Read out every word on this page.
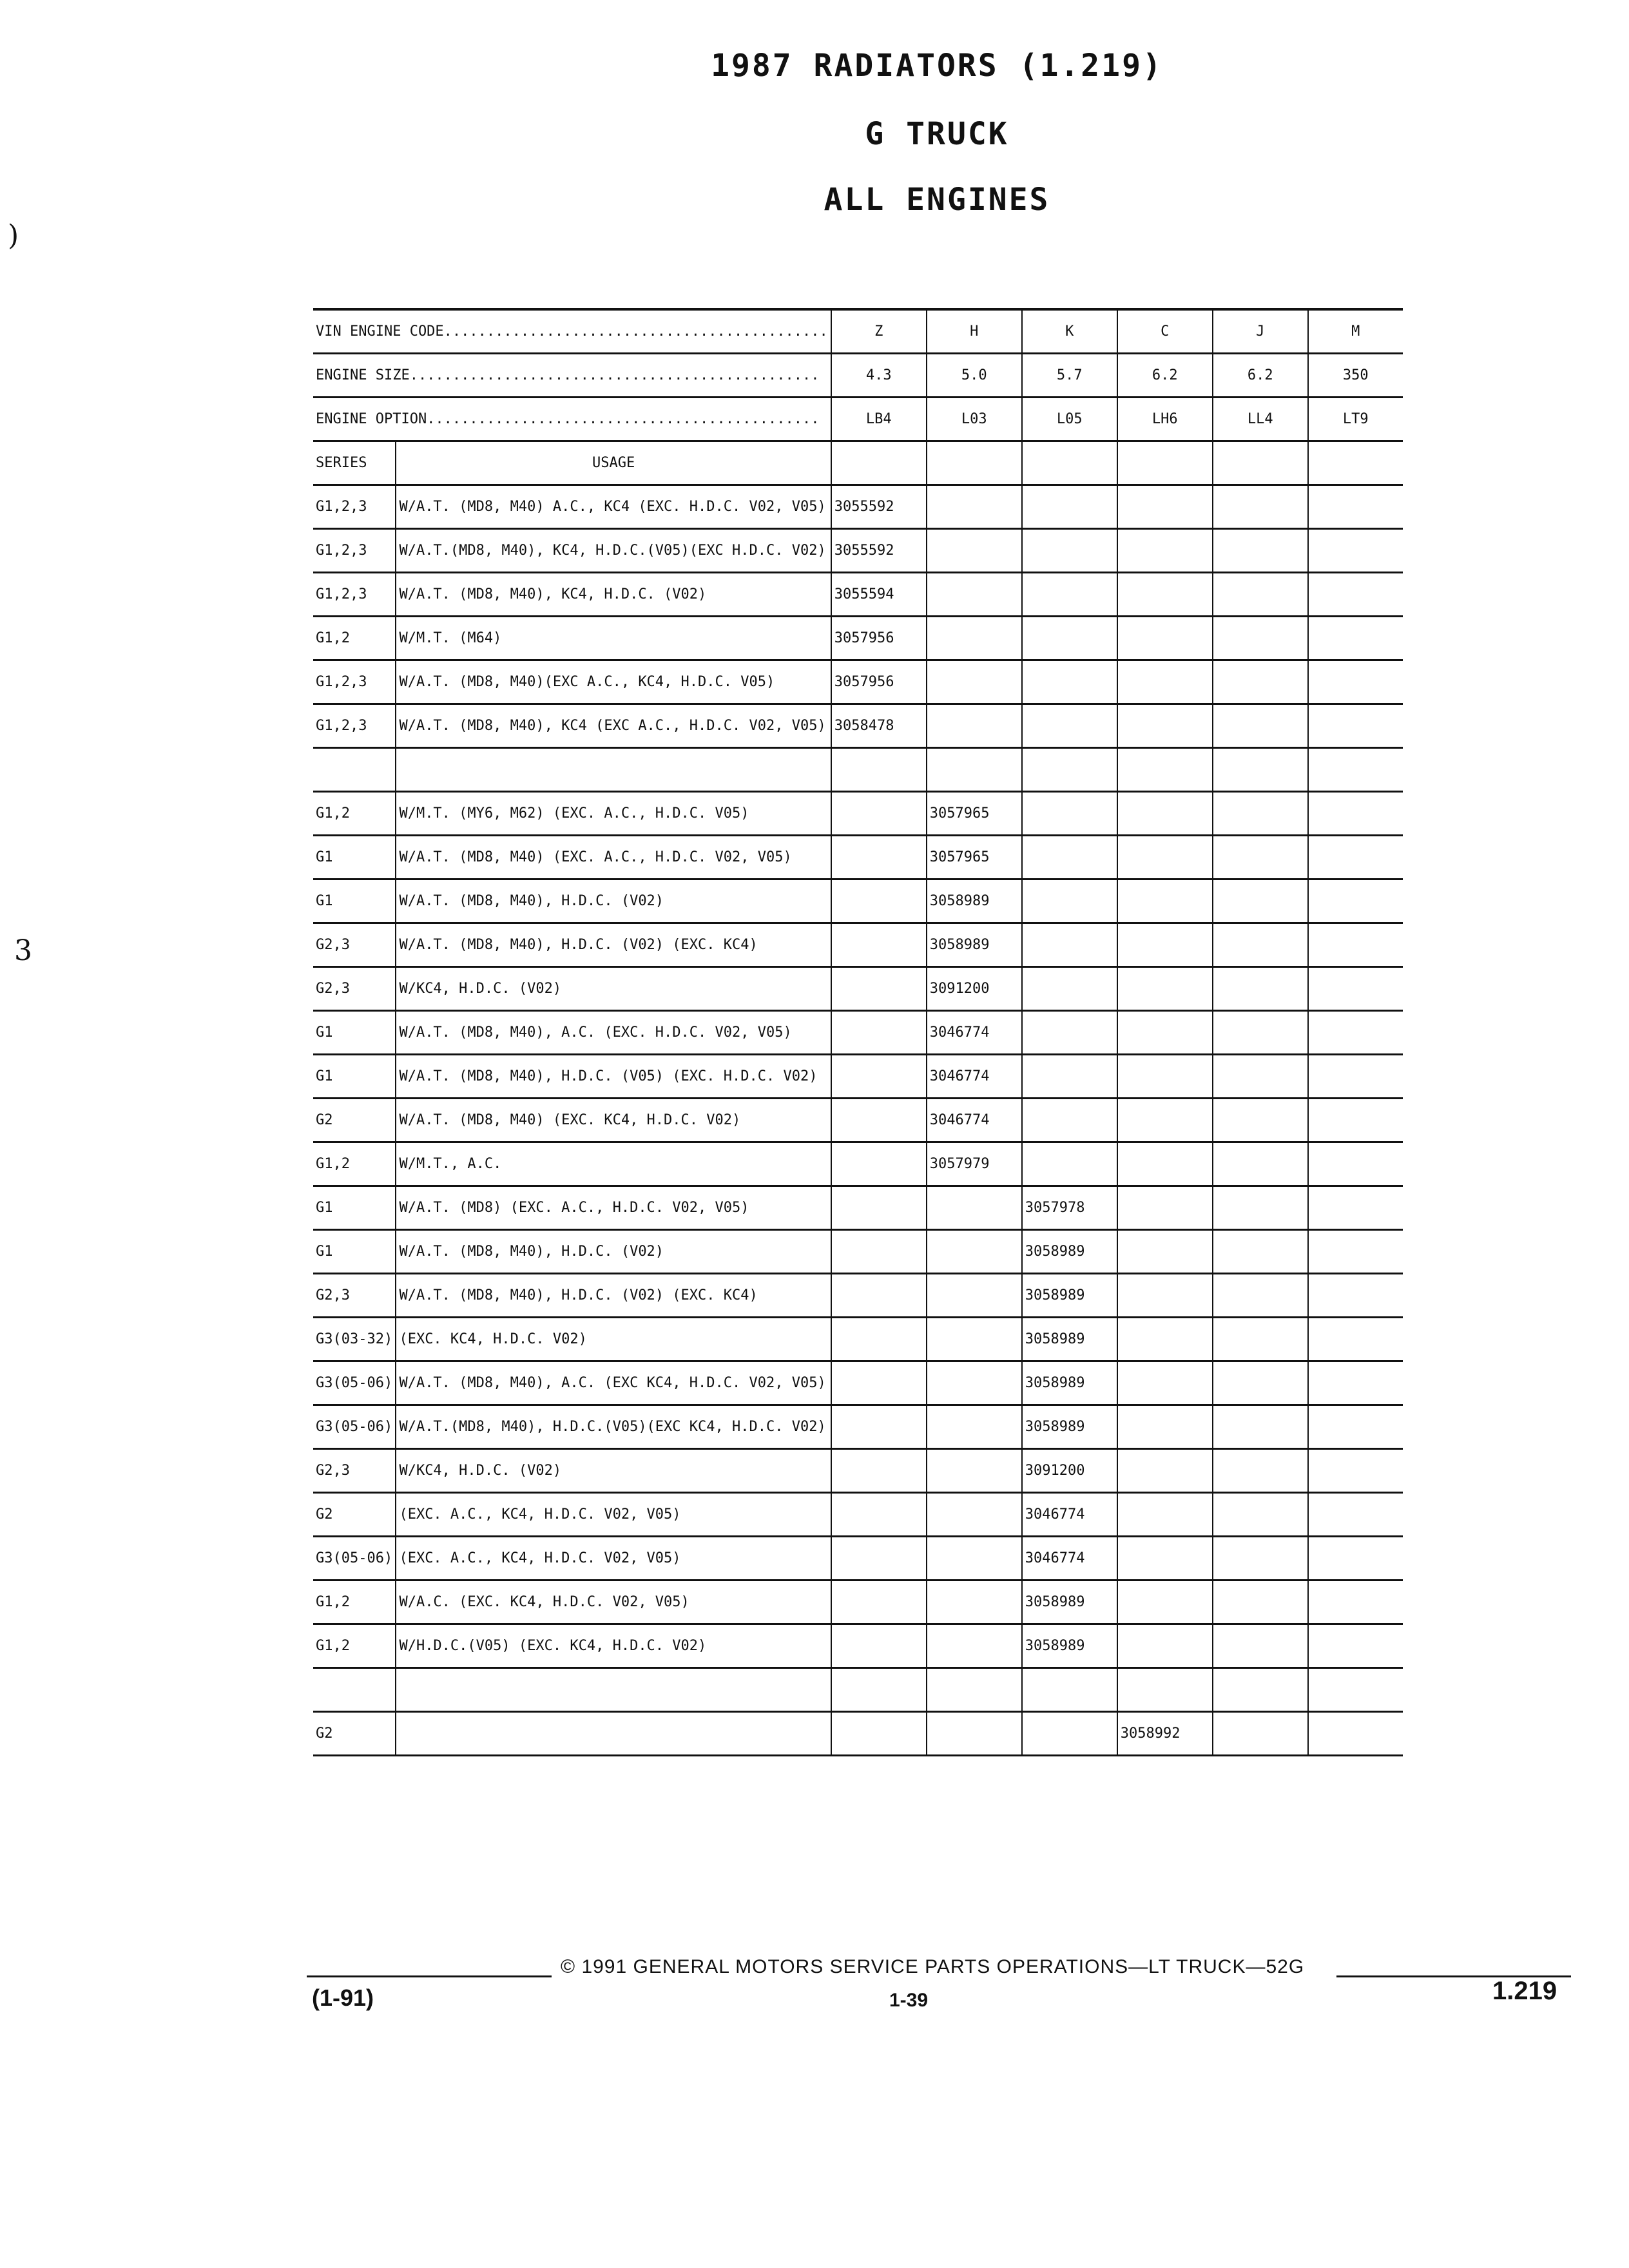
1987 RADIATORS (1.219)
G TRUCK
ALL ENGINES
)
3
VIN ENGINE CODE.............................................		Z	H	K	C	J	M
ENGINE SIZE................................................		4.3	5.0	5.7	6.2	6.2	350
ENGINE OPTION..............................................		LB4	L03	L05	LH6	LL4	LT9
SERIES	USAGE						
G1,2,3	W/A.T. (MD8, M40) A.C., KC4 (EXC. H.D.C. V02, V05)	3055592					
G1,2,3	W/A.T.(MD8, M40), KC4, H.D.C.(V05)(EXC H.D.C. V02)	3055592					
G1,2,3	W/A.T. (MD8, M40), KC4, H.D.C. (V02)	3055594					
G1,2	W/M.T. (M64)	3057956					
G1,2,3	W/A.T. (MD8, M40)(EXC A.C., KC4, H.D.C. V05)	3057956					
G1,2,3	W/A.T. (MD8, M40), KC4 (EXC A.C., H.D.C. V02, V05)	3058478					

G1,2	W/M.T. (MY6, M62) (EXC. A.C., H.D.C. V05)		3057965				
G1	W/A.T. (MD8, M40) (EXC. A.C., H.D.C. V02, V05)		3057965				
G1	W/A.T. (MD8, M40), H.D.C. (V02)		3058989				
G2,3	W/A.T. (MD8, M40), H.D.C. (V02) (EXC. KC4)		3058989				
G2,3	W/KC4, H.D.C. (V02)		3091200				
G1	W/A.T. (MD8, M40), A.C. (EXC. H.D.C. V02, V05)		3046774				
G1	W/A.T. (MD8, M40), H.D.C. (V05) (EXC. H.D.C. V02)		3046774				
G2	W/A.T. (MD8, M40) (EXC. KC4, H.D.C. V02)		3046774				
G1,2	W/M.T., A.C.		3057979				
G1	W/A.T. (MD8) (EXC. A.C., H.D.C. V02, V05)			3057978			
G1	W/A.T. (MD8, M40), H.D.C. (V02)			3058989			
G2,3	W/A.T. (MD8, M40), H.D.C. (V02) (EXC. KC4)			3058989			
G3(03-32)	(EXC. KC4, H.D.C. V02)			3058989			
G3(05-06)	W/A.T. (MD8, M40), A.C. (EXC KC4, H.D.C. V02, V05)			3058989			
G3(05-06)	W/A.T.(MD8, M40), H.D.C.(V05)(EXC KC4, H.D.C. V02)			3058989			
G2,3	W/KC4, H.D.C. (V02)			3091200			
G2	(EXC. A.C., KC4, H.D.C. V02, V05)			3046774			
G3(05-06)	(EXC. A.C., KC4, H.D.C. V02, V05)			3046774			
G1,2	W/A.C. (EXC. KC4, H.D.C. V02, V05)			3058989			
G1,2	W/H.D.C.(V05) (EXC. KC4, H.D.C. V02)			3058989			

G2					3058992		
© 1991 GENERAL MOTORS SERVICE PARTS OPERATIONS—LT TRUCK—52G
1-39
(1-91)	1.219
